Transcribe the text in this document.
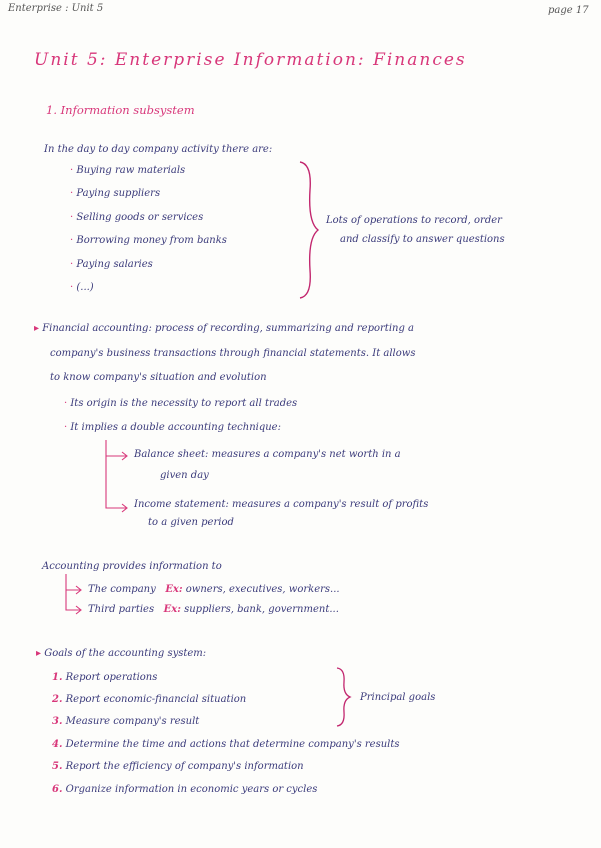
Enterprise : Unit 5	page 17
Unit 5: Enterprise Information: Finances
1. Information subsystem
In the day to day company activity there are:
· Buying raw materials
· Paying suppliers
· Selling goods or services
· Borrowing money from banks
· Paying salaries
· (...)
Lots of operations to record, order
and classify to answer questions
▸ Financial accounting: process of recording, summarizing and reporting a
company's business transactions through financial statements. It allows
to know company's situation and evolution
· Its origin is the necessity to report all trades
· It implies a double accounting technique:
Balance sheet: measures a company's net worth in a
given day
Income statement: measures a company's result of profits
to a given period
Accounting provides information to
The company Ex: owners, executives, workers...
Third parties Ex: suppliers, bank, government...
▸ Goals of the accounting system:
1. Report operations
2. Report economic-financial situation
3. Measure company's result
4. Determine the time and actions that determine company's results
5. Report the efficiency of company's information
6. Organize information in economic years or cycles
Principal goals
